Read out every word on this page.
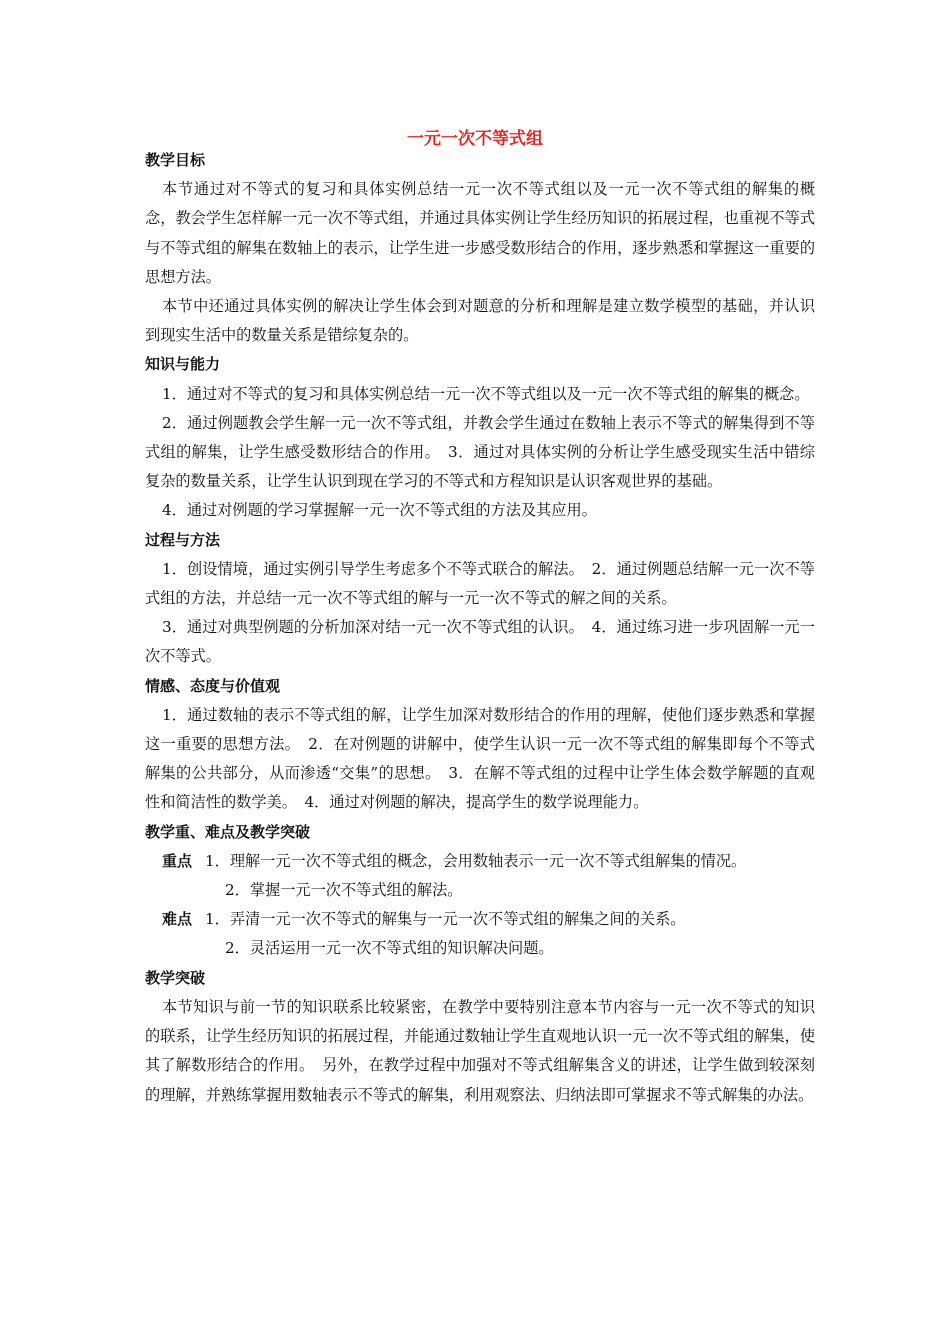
一元一次不等式组
教学目标

本节通过对不等式的复习和具体实例总结一元一次不等式组以及一元一次不等式组的解集的概念，教会学生怎样解一元一次不等式组，并通过具体实例让学生经历知识的拓展过程，也重视不等式与不等式组的解集在数轴上的表示，让学生进一步感受数形结合的作用，逐步熟悉和掌握这一重要的思想方法。

本节中还通过具体实例的解决让学生体会到对题意的分析和理解是建立数学模型的基础，并认识到现实生活中的数量关系是错综复杂的。

知识与能力

1．通过对不等式的复习和具体实例总结一元一次不等式组以及一元一次不等式组的解集的概念。

2．通过例题教会学生解一元一次不等式组，并教会学生通过在数轴上表示不等式的解集得到不等式组的解集，让学生感受数形结合的作用。　3．通过对具体实例的分析让学生感受现实生活中错综复杂的数量关系，让学生认识到现在学习的不等式和方程知识是认识客观世界的基础。

4．通过对例题的学习掌握解一元一次不等式组的方法及其应用。

过程与方法

1．创设情境，通过实例引导学生考虑多个不等式联合的解法。　2．通过例题总结解一元一次不等式组的方法，并总结一元一次不等式组的解与一元一次不等式的解之间的关系。

3．通过对典型例题的分析加深对结一元一次不等式组的认识。　4．通过练习进一步巩固解一元一次不等式。

情感、态度与价值观

1．通过数轴的表示不等式组的解，让学生加深对数形结合的作用的理解，使他们逐步熟悉和掌握这一重要的思想方法。　2．在对例题的讲解中，使学生认识一元一次不等式组的解集即每个不等式解集的公共部分，从而渗透“交集”的思想。　3．在解不等式组的过程中让学生体会数学解题的直观性和简洁性的数学美。　4．通过对例题的解决，提高学生的数学说理能力。

教学重、难点及教学突破
重点 1．理解一元一次不等式组的概念，会用数轴表示一元一次不等式组解集的情况。
2．掌握一元一次不等式组的解法。
难点 1．弄清一元一次不等式的解集与一元一次不等式组的解集之间的关系。
2．灵活运用一元一次不等式组的知识解决问题。
教学突破

本节知识与前一节的知识联系比较紧密，在教学中要特别注意本节内容与一元一次不等式的知识的联系，让学生经历知识的拓展过程，并能通过数轴让学生直观地认识一元一次不等式组的解集，使其了解数形结合的作用。　另外，在教学过程中加强对不等式组解集含义的讲述，让学生做到较深刻的理解，并熟练掌握用数轴表示不等式的解集，利用观察法、归纳法即可掌握求不等式解集的办法。
